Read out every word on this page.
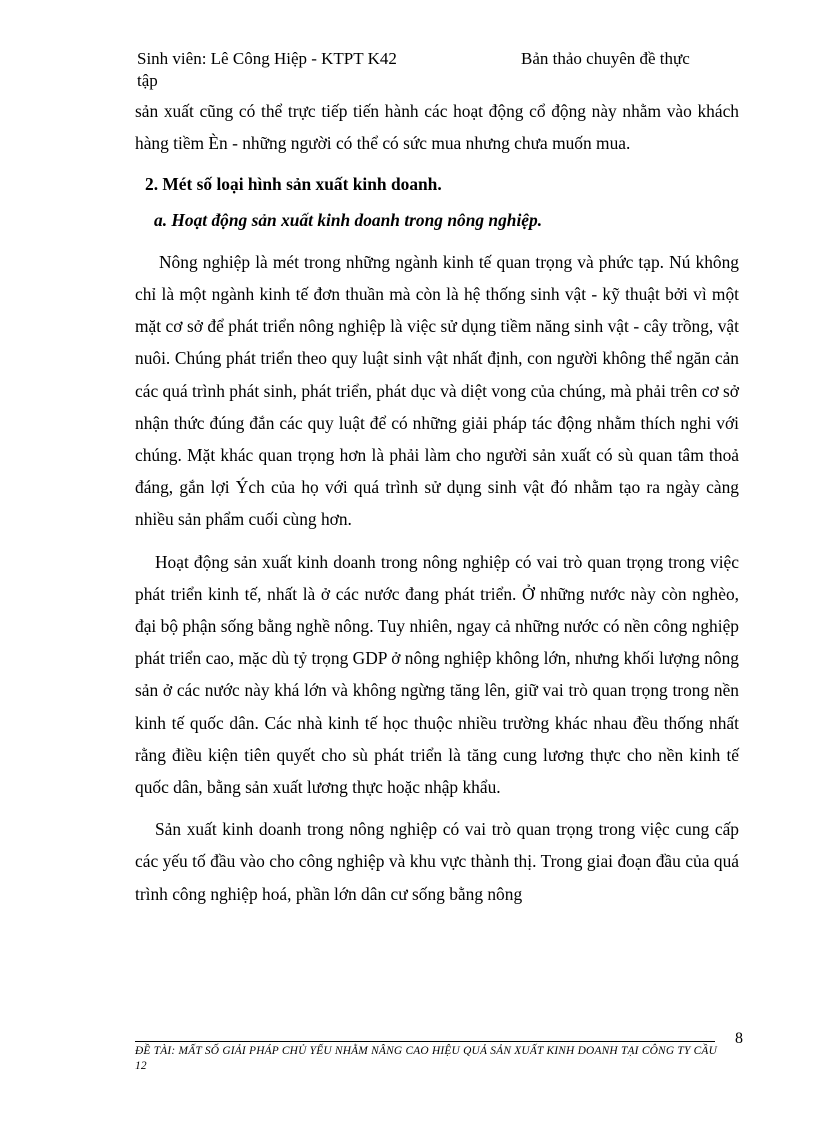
Sinh viên: Lê Công Hiệp - KTPT K42	Bản thảo chuyên đề thực
tập

sản xuất cũng có thể trực tiếp tiến hành các hoạt động cổ động này nhằm vào khách hàng tiềm Èn - những người có thể có sức mua nhưng chưa muốn mua.

2. Mét số loại hình sản xuất kinh doanh.

a. Hoạt động sản xuất kinh doanh trong nông nghiệp.

Nông nghiệp là mét trong những ngành kinh tế quan trọng và phức tạp. Nú không chỉ là một ngành kinh tế đơn thuần mà còn là hệ thống sinh vật - kỹ thuật bởi vì một mặt cơ sở để phát triển nông nghiệp là việc sử dụng tiềm năng sinh vật - cây trồng, vật nuôi. Chúng phát triển theo quy luật sinh vật nhất định, con người không thể ngăn cản các quá trình phát sinh, phát triển, phát dục và diệt vong của chúng, mà phải trên cơ sở nhận thức đúng đắn các quy luật để có những giải pháp tác động nhằm thích nghi với chúng. Mặt khác quan trọng hơn là phải làm cho người sản xuất có sù quan tâm thoả đáng, gắn lợi Ých của họ với quá trình sử dụng sinh vật đó nhằm tạo ra ngày càng nhiều sản phẩm cuối cùng hơn.

Hoạt động sản xuất kinh doanh trong nông nghiệp có vai trò quan trọng trong việc phát triển kinh tế, nhất là ở các nước đang phát triển. Ở những nước này còn nghèo, đại bộ phận sống bằng nghề nông. Tuy nhiên, ngay cả những nước có nền công nghiệp phát triển cao, mặc dù tỷ trọng GDP ở nông nghiệp không lớn, nhưng khối lượng nông sản ở các nước này khá lớn và không ngừng tăng lên, giữ vai trò quan trọng trong nền kinh tế quốc dân. Các nhà kinh tế học thuộc nhiều trường khác nhau đều thống nhất rằng điều kiện tiên quyết cho sù phát triển là tăng cung lương thực cho nền kinh tế quốc dân, bằng sản xuất lương thực hoặc nhập khẩu.

Sản xuất kinh doanh trong nông nghiệp có vai trò quan trọng trong việc cung cấp các yếu tố đầu vào cho công nghiệp và khu vực thành thị. Trong giai đoạn đầu của quá trình công nghiệp hoá, phần lớn dân cư sống bằng nông

8
ĐỀ TÀI: MẤT SỐ GIẢI PHÁP CHỦ YẾU NHẰM NÂNG CAO HIỆU QUẢ SẢN XUẤT KINH DOANH TẠI CÔNG TY CẦU 12
